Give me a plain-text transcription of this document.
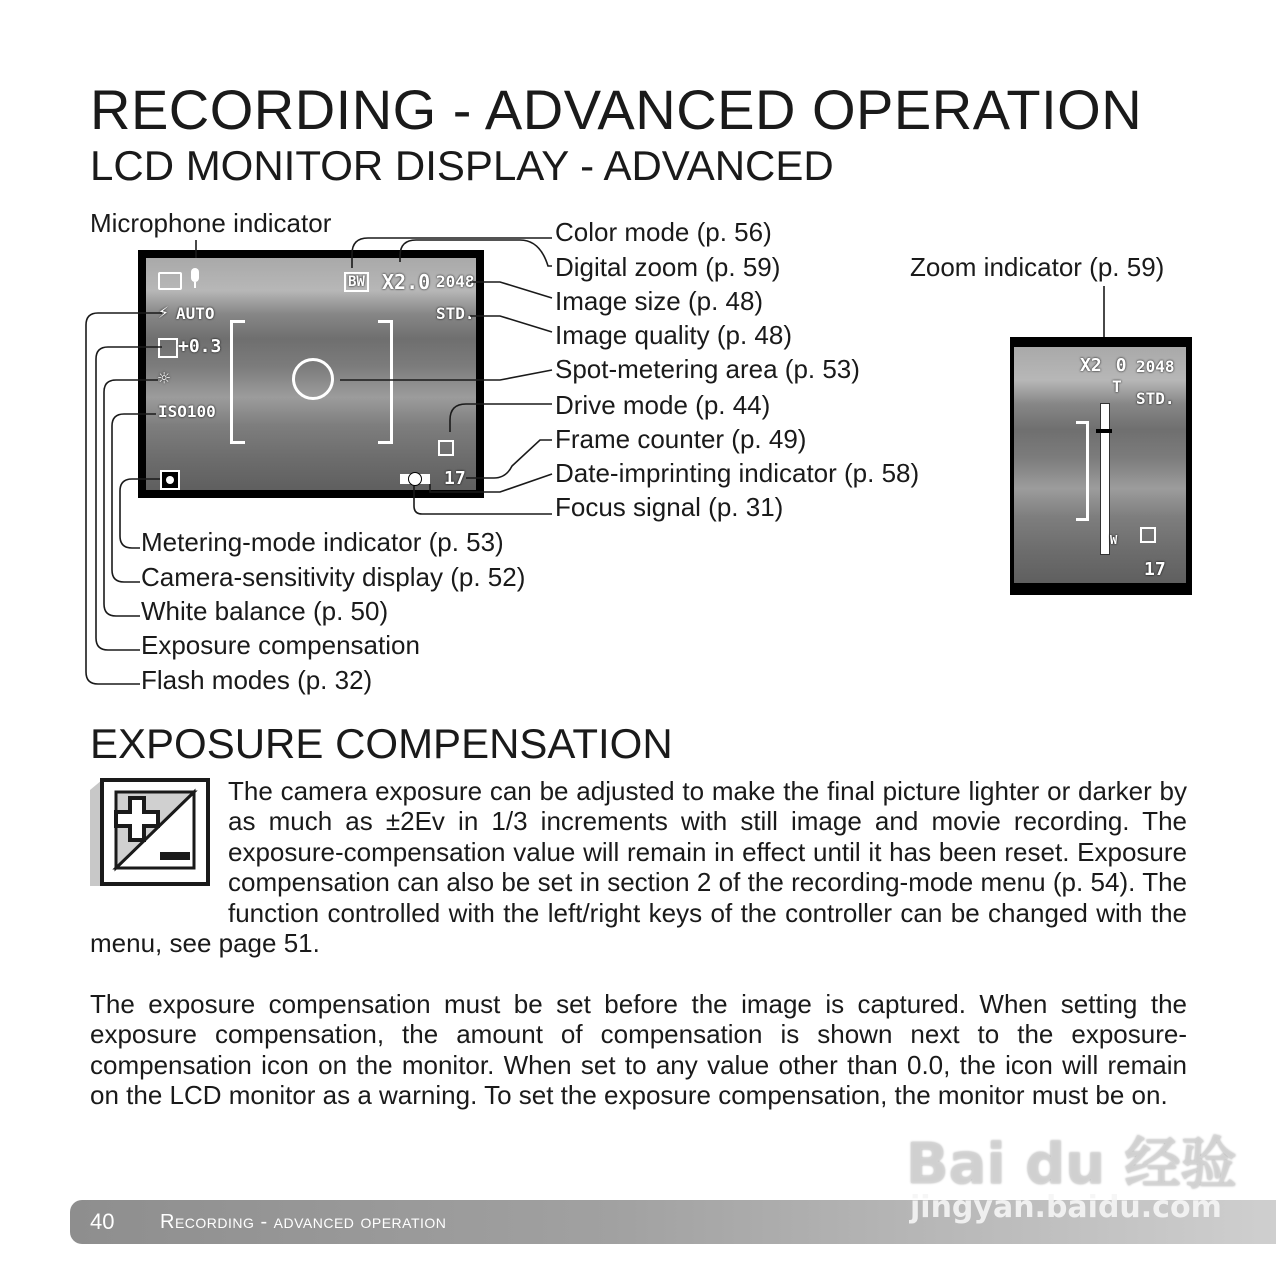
RECORDING - ADVANCED OPERATION
LCD MONITOR DISPLAY - ADVANCED
BW X2.0 2048
STD.
⚡ AUTO
+0.3
☼
ISO100
17
Microphone indicator	Color mode (p. 56)
Digital zoom (p. 59)
Image size (p. 48)
Image quality (p. 48)
Spot-metering area (p. 53)
Drive mode (p. 44)
Frame counter (p. 49)
Date-imprinting indicator (p. 58)
Focus signal (p. 31)
Metering-mode indicator (p. 53)
Camera-sensitivity display (p. 52)
White balance (p. 50)
Exposure compensation
Flash modes (p. 32)
Zoom indicator (p. 59)
X2 0 2048
STD.
T
W
17
EXPOSURE COMPENSATION
The camera exposure can be adjusted to make the final picture lighter or darker by as much as ±2Ev in 1/3 increments with still image and movie recording. The exposure-compensation value will remain in effect until it has been reset. Exposure compensation can also be set in section 2 of the recording-mode menu (p. 54). The function controlled with the left/right keys of the controller can be changed with the menu, see page 51.
The exposure compensation must be set before the image is captured. When setting the exposure compensation, the amount of compensation is shown next to the exposure-compensation icon on the monitor. When set to any value other than 0.0, the icon will remain on the LCD monitor as a warning. To set the exposure compensation, the monitor must be on.
40 Recording - advanced operation
Bai du 经验
jingyan.baidu.com
